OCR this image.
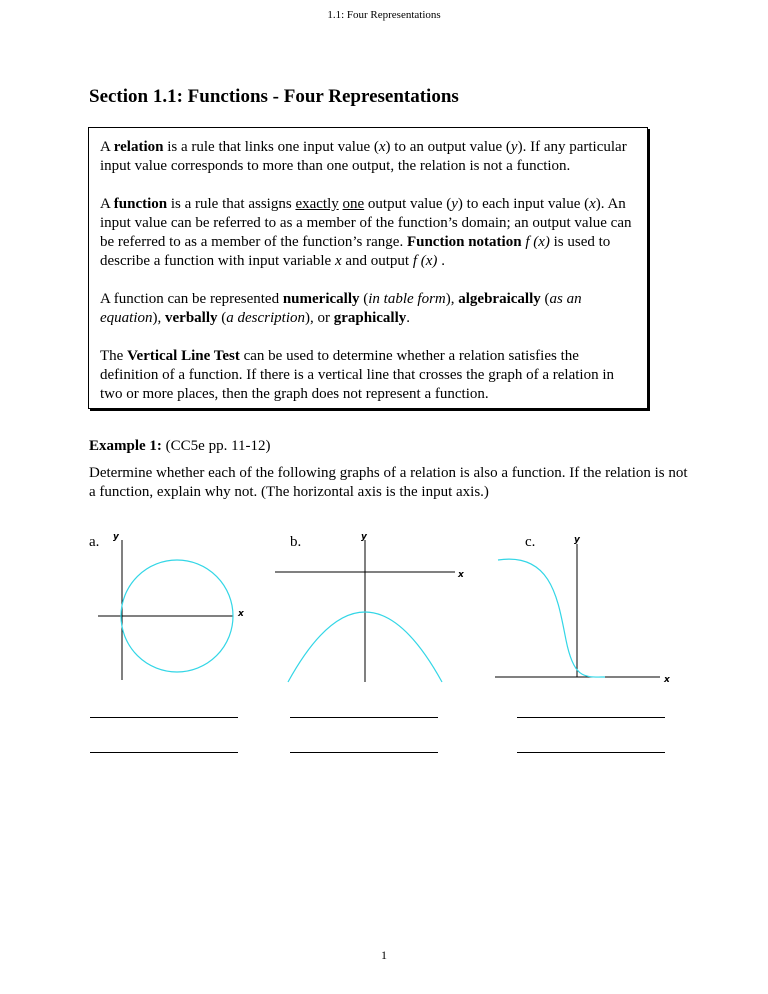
1.1: Four Representations
Section 1.1: Functions - Four Representations

A relation is a rule that links one input value (x) to an output value (y). If any particular input value corresponds to more than one output, the relation is not a function.

A function is a rule that assigns exactly one output value (y) to each input value (x). An input value can be referred to as a member of the function’s domain; an output value can be referred to as a member of the function’s range. Function notation f (x) is used to describe a function with input variable x and output f (x) .

A function can be represented numerically (in table form), algebraically (as an equation), verbally (a description), or graphically.

The Vertical Line Test can be used to determine whether a relation satisfies the definition of a function. If there is a vertical line that crosses the graph of a relation in two or more places, then the graph does not represent a function.

Example 1: (CC5e pp. 11-12)
Determine whether each of the following graphs of a relation is also a function. If the relation is not a function, explain why not. (The horizontal axis is the input axis.)
a. y
x
b.	y
x
c.	y
x
1
